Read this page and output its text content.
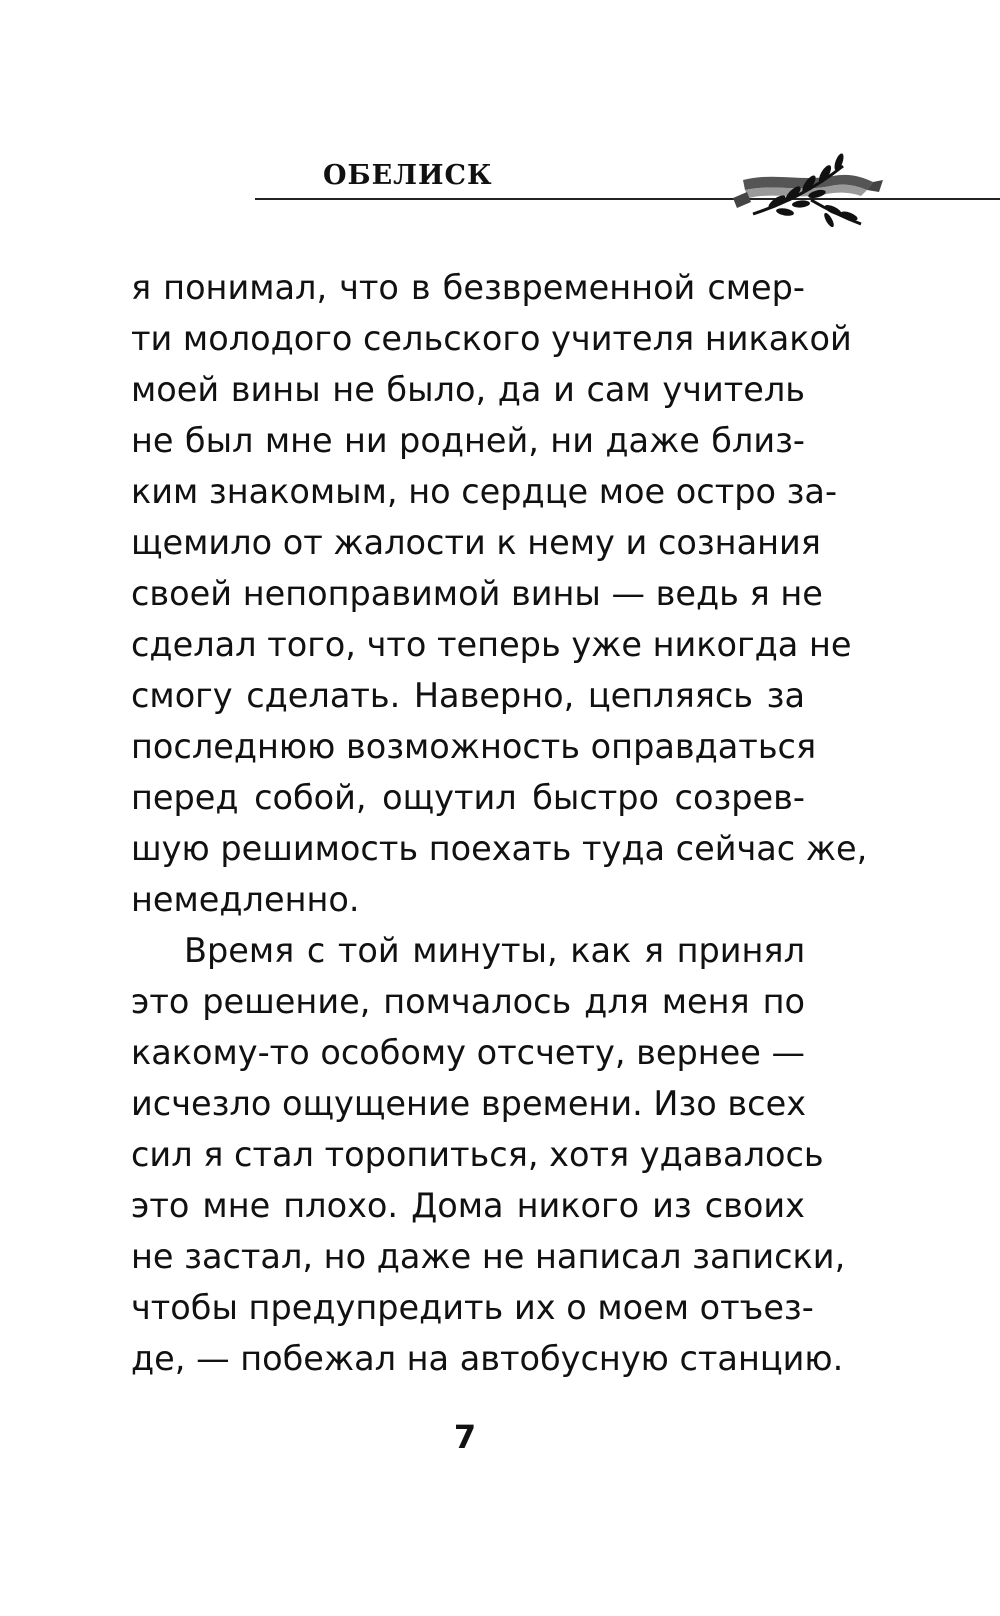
ОБЕЛИСК
я понимал, что в безвременной смер-
ти молодого сельского учителя никакой
моей вины не было, да и сам учитель
не был мне ни родней, ни даже близ-
ким знакомым, но сердце мое остро за-
щемило от жалости к нему и сознания
своей непоправимой вины — ведь я не
сделал того, что теперь уже никогда не
смогу сделать. Наверно, цепляясь за
последнюю возможность оправдаться
перед собой, ощутил быстро созрев-
шую решимость поехать туда сейчас же,
немедленно.
Время с той минуты, как я принял
это решение, помчалось для меня по
какому-то особому отсчету, вернее —
исчезло ощущение времени. Изо всех
сил я стал торопиться, хотя удавалось
это мне плохо. Дома никого из своих
не застал, но даже не написал записки,
чтобы предупредить их о моем отъез-
де, — побежал на автобусную станцию.
7
